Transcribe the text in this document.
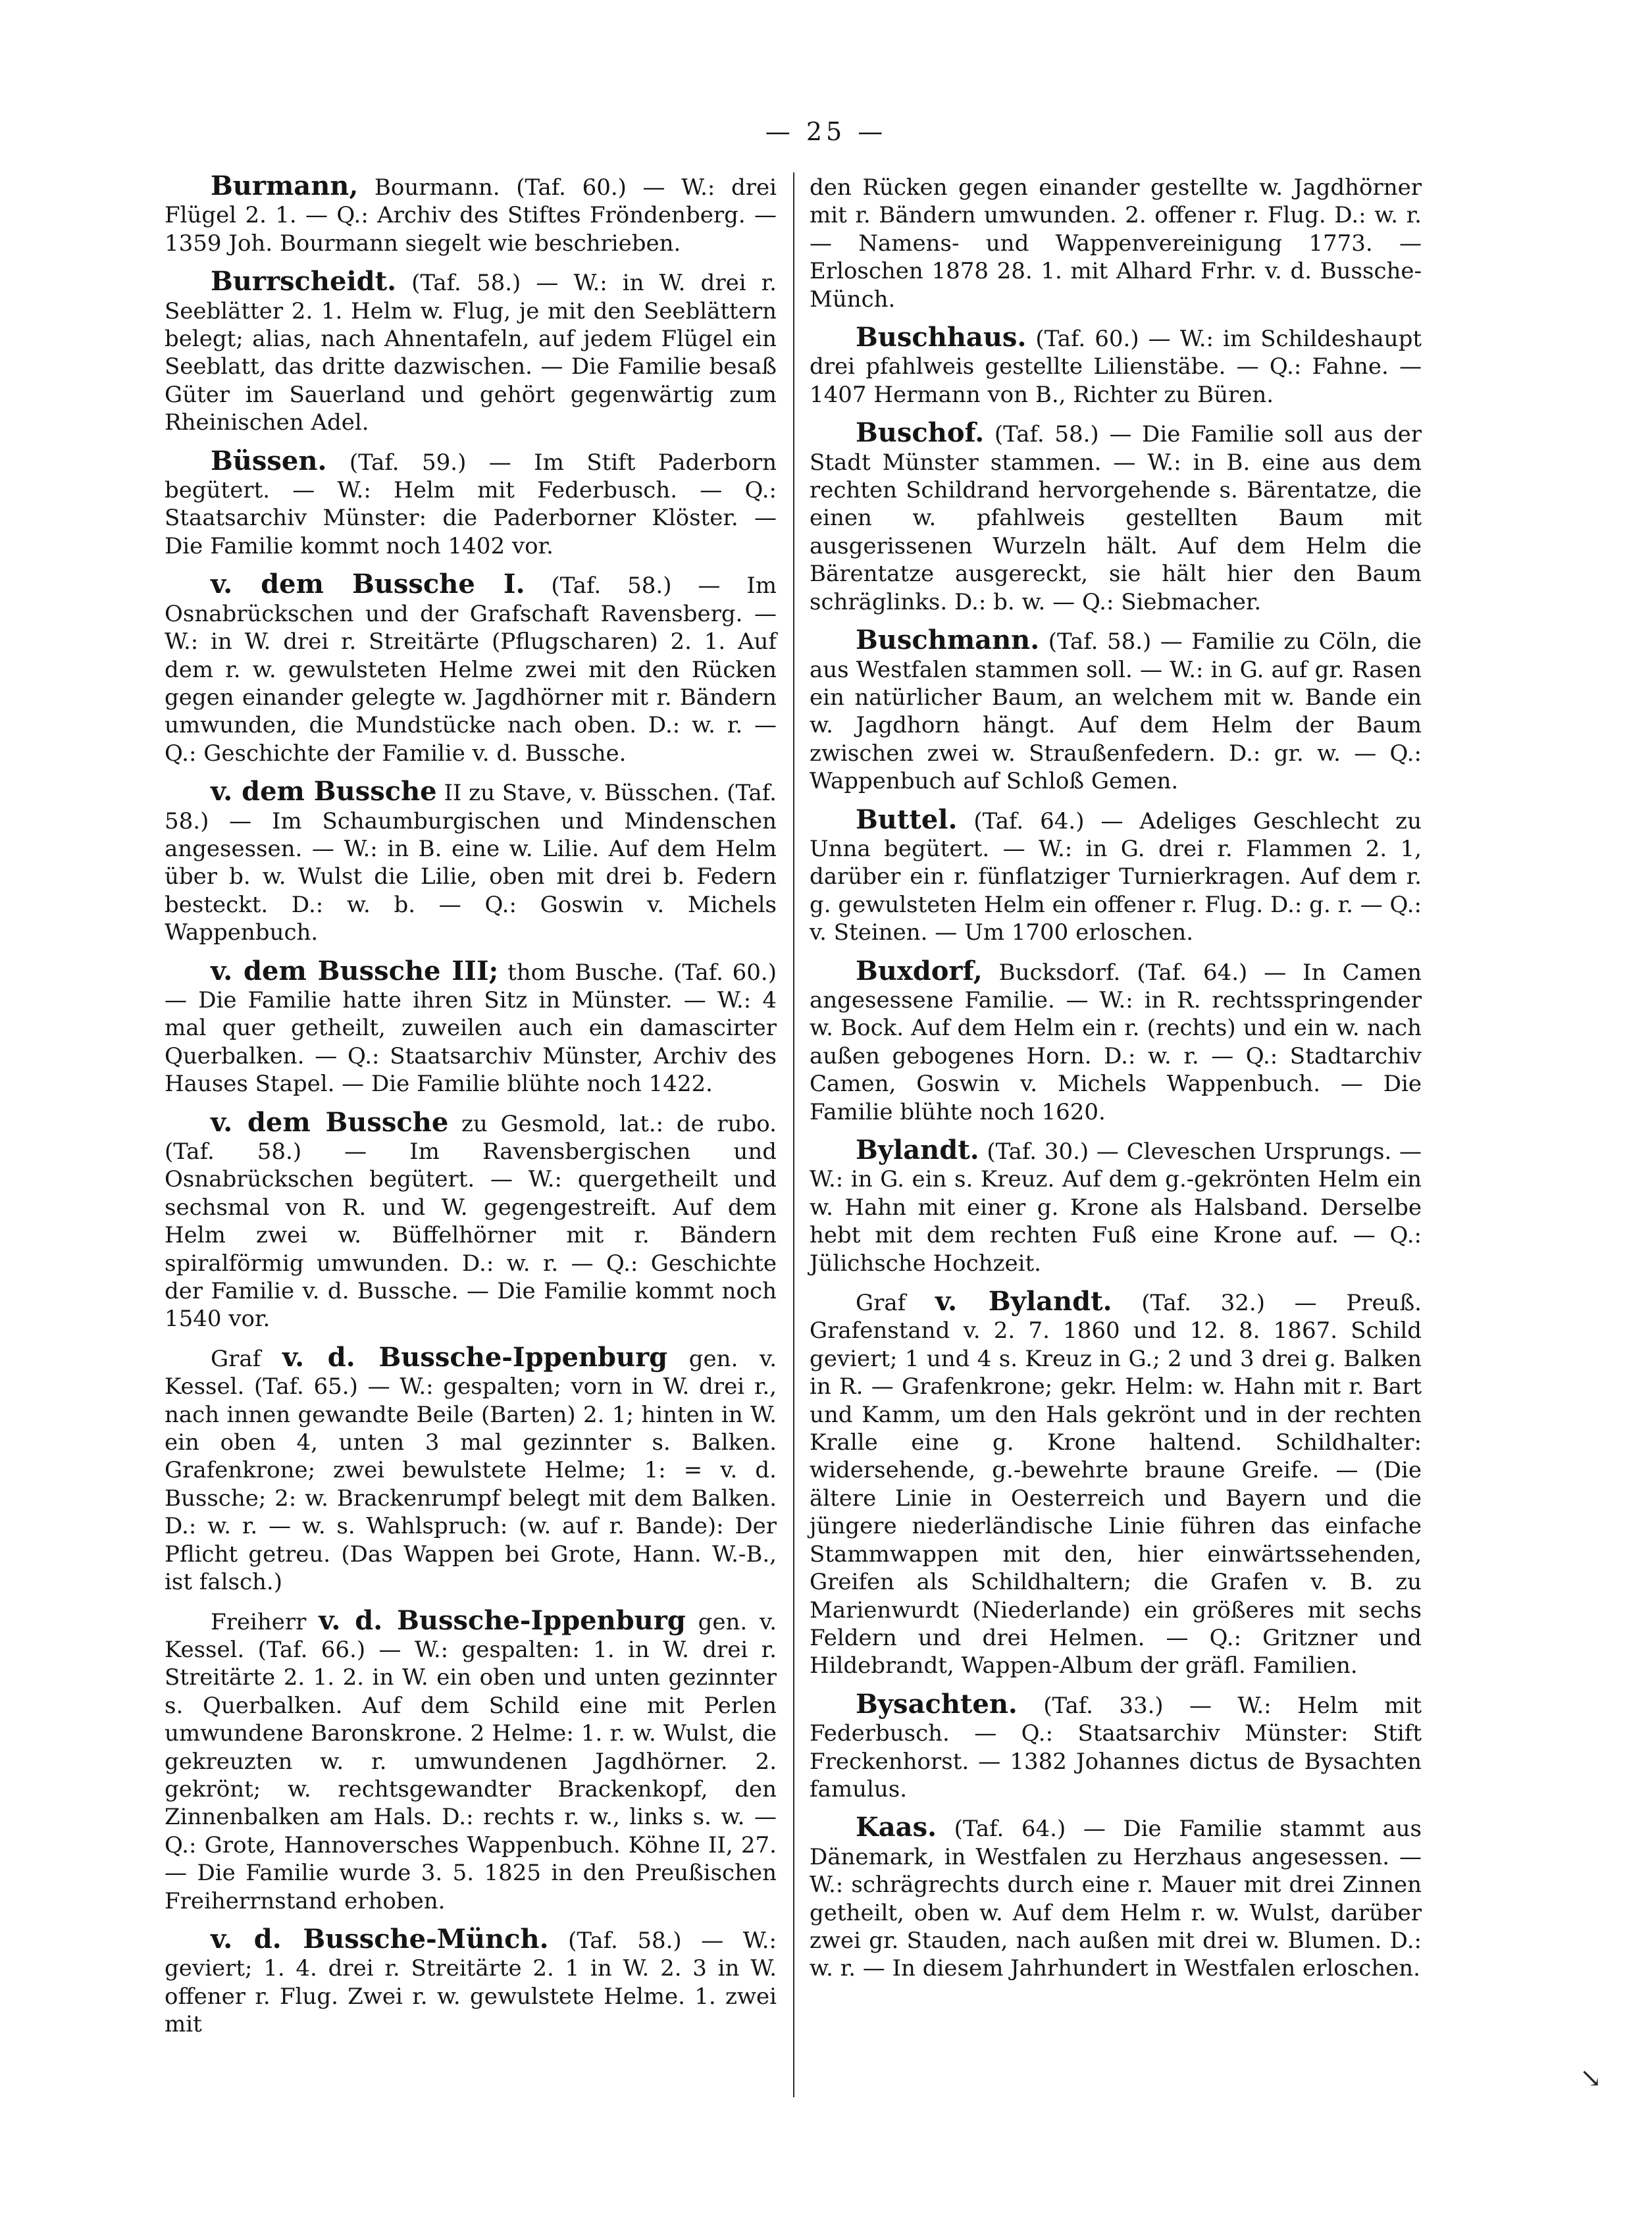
— 25 —

Burmann, Bourmann. (Taf. 60.) — W.: drei Flügel 2. 1. — Q.: Archiv des Stiftes Fröndenberg. — 1359 Joh. Bourmann siegelt wie beschrieben.

Burrscheidt. (Taf. 58.) — W.: in W. drei r. Seeblätter 2. 1. Helm w. Flug, je mit den Seeblättern belegt; alias, nach Ahnentafeln, auf jedem Flügel ein Seeblatt, das dritte dazwischen. — Die Familie besaß Güter im Sauerland und gehört gegenwärtig zum Rheinischen Adel.

Büssen. (Taf. 59.) — Im Stift Paderborn begütert. — W.: Helm mit Federbusch. — Q.: Staatsarchiv Münster: die Paderborner Klöster. — Die Familie kommt noch 1402 vor.

v. dem Bussche I. (Taf. 58.) — Im Osnabrückschen und der Grafschaft Ravensberg. — W.: in W. drei r. Streitärte (Pflugscharen) 2. 1. Auf dem r. w. gewulsteten Helme zwei mit den Rücken gegen einander gelegte w. Jagdhörner mit r. Bändern umwunden, die Mundstücke nach oben. D.: w. r. — Q.: Geschichte der Familie v. d. Bussche.

v. dem Bussche II zu Stave, v. Büsschen. (Taf. 58.) — Im Schaumburgischen und Mindenschen angesessen. — W.: in B. eine w. Lilie. Auf dem Helm über b. w. Wulst die Lilie, oben mit drei b. Federn besteckt. D.: w. b. — Q.: Goswin v. Michels Wappenbuch.

v. dem Bussche III; thom Busche. (Taf. 60.) — Die Familie hatte ihren Sitz in Münster. — W.: 4 mal quer getheilt, zuweilen auch ein damascirter Querbalken. — Q.: Staatsarchiv Münster, Archiv des Hauses Stapel. — Die Familie blühte noch 1422.

v. dem Bussche zu Gesmold, lat.: de rubo. (Taf. 58.) — Im Ravensbergischen und Osnabrückschen begütert. — W.: quergetheilt und sechsmal von R. und W. gegengestreift. Auf dem Helm zwei w. Büffelhörner mit r. Bändern spiralförmig umwunden. D.: w. r. — Q.: Geschichte der Familie v. d. Bussche. — Die Familie kommt noch 1540 vor.

Graf v. d. Bussche-Ippenburg gen. v. Kessel. (Taf. 65.) — W.: gespalten; vorn in W. drei r., nach innen gewandte Beile (Barten) 2. 1; hinten in W. ein oben 4, unten 3 mal gezinnter s. Balken. Grafenkrone; zwei bewulstete Helme; 1: = v. d. Bussche; 2: w. Brackenrumpf belegt mit dem Balken. D.: w. r. — w. s. Wahlspruch: (w. auf r. Bande): Der Pflicht getreu. (Das Wappen bei Grote, Hann. W.-B., ist falsch.)

Freiherr v. d. Bussche-Ippenburg gen. v. Kessel. (Taf. 66.) — W.: gespalten: 1. in W. drei r. Streitärte 2. 1. 2. in W. ein oben und unten gezinnter s. Querbalken. Auf dem Schild eine mit Perlen umwundene Baronskrone. 2 Helme: 1. r. w. Wulst, die gekreuzten w. r. umwundenen Jagdhörner. 2. gekrönt; w. rechtsgewandter Brackenkopf, den Zinnenbalken am Hals. D.: rechts r. w., links s. w. — Q.: Grote, Hannoversches Wappenbuch. Köhne II, 27. — Die Familie wurde 3. 5. 1825 in den Preußischen Freiherrnstand erhoben.

v. d. Bussche-Münch. (Taf. 58.) — W.: geviert; 1. 4. drei r. Streitärte 2. 1 in W. 2. 3 in W. offener r. Flug. Zwei r. w. gewulstete Helme. 1. zwei mit

den Rücken gegen einander gestellte w. Jagdhörner mit r. Bändern umwunden. 2. offener r. Flug. D.: w. r. — Namens- und Wappenvereinigung 1773. — Erloschen 1878 28. 1. mit Alhard Frhr. v. d. Bussche-Münch.

Buschhaus. (Taf. 60.) — W.: im Schildeshaupt drei pfahlweis gestellte Lilienstäbe. — Q.: Fahne. — 1407 Hermann von B., Richter zu Büren.

Buschof. (Taf. 58.) — Die Familie soll aus der Stadt Münster stammen. — W.: in B. eine aus dem rechten Schildrand hervorgehende s. Bärentatze, die einen w. pfahlweis gestellten Baum mit ausgerissenen Wurzeln hält. Auf dem Helm die Bärentatze ausgereckt, sie hält hier den Baum schräglinks. D.: b. w. — Q.: Siebmacher.

Buschmann. (Taf. 58.) — Familie zu Cöln, die aus Westfalen stammen soll. — W.: in G. auf gr. Rasen ein natürlicher Baum, an welchem mit w. Bande ein w. Jagdhorn hängt. Auf dem Helm der Baum zwischen zwei w. Straußenfedern. D.: gr. w. — Q.: Wappenbuch auf Schloß Gemen.

Buttel. (Taf. 64.) — Adeliges Geschlecht zu Unna begütert. — W.: in G. drei r. Flammen 2. 1, darüber ein r. fünflatziger Turnierkragen. Auf dem r. g. gewulsteten Helm ein offener r. Flug. D.: g. r. — Q.: v. Steinen. — Um 1700 erloschen.

Buxdorf, Bucksdorf. (Taf. 64.) — In Camen angesessene Familie. — W.: in R. rechtsspringender w. Bock. Auf dem Helm ein r. (rechts) und ein w. nach außen gebogenes Horn. D.: w. r. — Q.: Stadtarchiv Camen, Goswin v. Michels Wappenbuch. — Die Familie blühte noch 1620.

Bylandt. (Taf. 30.) — Cleveschen Ursprungs. — W.: in G. ein s. Kreuz. Auf dem g.-gekrönten Helm ein w. Hahn mit einer g. Krone als Halsband. Derselbe hebt mit dem rechten Fuß eine Krone auf. — Q.: Jülichsche Hochzeit.

Graf v. Bylandt. (Taf. 32.) — Preuß. Grafenstand v. 2. 7. 1860 und 12. 8. 1867. Schild geviert; 1 und 4 s. Kreuz in G.; 2 und 3 drei g. Balken in R. — Grafenkrone; gekr. Helm: w. Hahn mit r. Bart und Kamm, um den Hals gekrönt und in der rechten Kralle eine g. Krone haltend. Schildhalter: widersehende, g.-bewehrte braune Greife. — (Die ältere Linie in Oesterreich und Bayern und die jüngere niederländische Linie führen das einfache Stammwappen mit den, hier einwärtssehenden, Greifen als Schildhaltern; die Grafen v. B. zu Marienwurdt (Niederlande) ein größeres mit sechs Feldern und drei Helmen. — Q.: Gritzner und Hildebrandt, Wappen-Album der gräfl. Familien.

Bysachten. (Taf. 33.) — W.: Helm mit Federbusch. — Q.: Staatsarchiv Münster: Stift Freckenhorst. — 1382 Johannes dictus de Bysachten famulus.

Kaas. (Taf. 64.) — Die Familie stammt aus Dänemark, in Westfalen zu Herzhaus angesessen. — W.: schrägrechts durch eine r. Mauer mit drei Zinnen getheilt, oben w. Auf dem Helm r. w. Wulst, darüber zwei gr. Stauden, nach außen mit drei w. Blumen. D.: w. r. — In diesem Jahrhundert in Westfalen erloschen.

↘
